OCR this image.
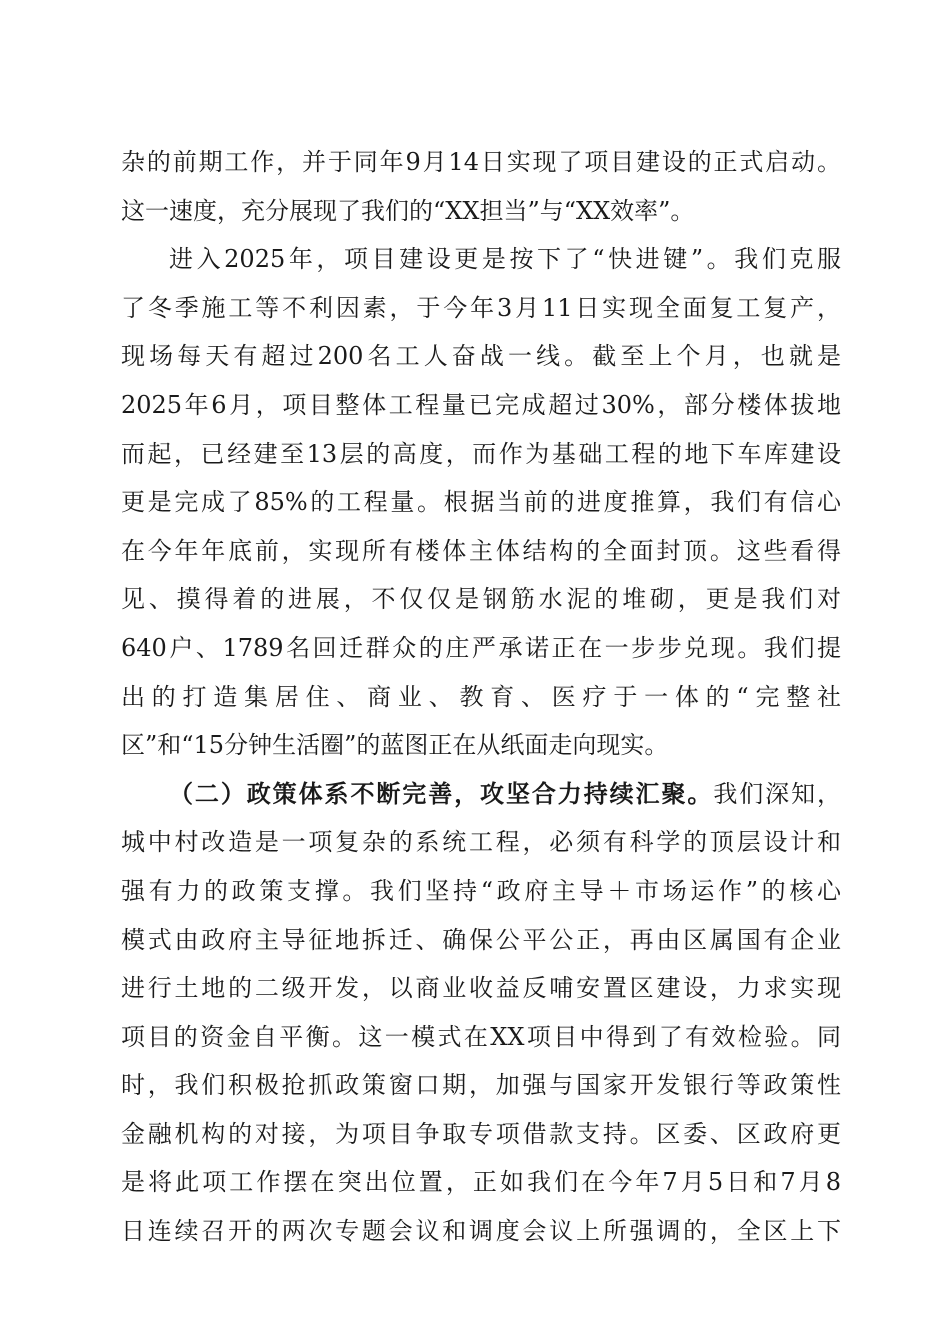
杂的前期工作，并于同年9月14日实现了项目建设的正式启动。
这一速度，充分展现了我们的“XX担当”与“XX效率”。
进入2025年，项目建设更是按下了“快进键”。我们克服
了冬季施工等不利因素，于今年3月11日实现全面复工复产，
现场每天有超过200名工人奋战一线。截至上个月，也就是
2025年6月，项目整体工程量已完成超过30%，部分楼体拔地
而起，已经建至13层的高度，而作为基础工程的地下车库建设
更是完成了85%的工程量。根据当前的进度推算，我们有信心
在今年年底前，实现所有楼体主体结构的全面封顶。这些看得
见、摸得着的进展，不仅仅是钢筋水泥的堆砌，更是我们对
640户、1789名回迁群众的庄严承诺正在一步步兑现。我们提
出的打造集居住、商业、教育、医疗于一体的“完整社
区”和“15分钟生活圈”的蓝图正在从纸面走向现实。
（二）政策体系不断完善，攻坚合力持续汇聚。我们深知，
城中村改造是一项复杂的系统工程，必须有科学的顶层设计和
强有力的政策支撑。我们坚持“政府主导＋市场运作”的核心
模式由政府主导征地拆迁、确保公平公正，再由区属国有企业
进行土地的二级开发，以商业收益反哺安置区建设，力求实现
项目的资金自平衡。这一模式在XX项目中得到了有效检验。同
时，我们积极抢抓政策窗口期，加强与国家开发银行等政策性
金融机构的对接，为项目争取专项借款支持。区委、区政府更
是将此项工作摆在突出位置，正如我们在今年7月5日和7月8
日连续召开的两次专题会议和调度会议上所强调的，全区上下
